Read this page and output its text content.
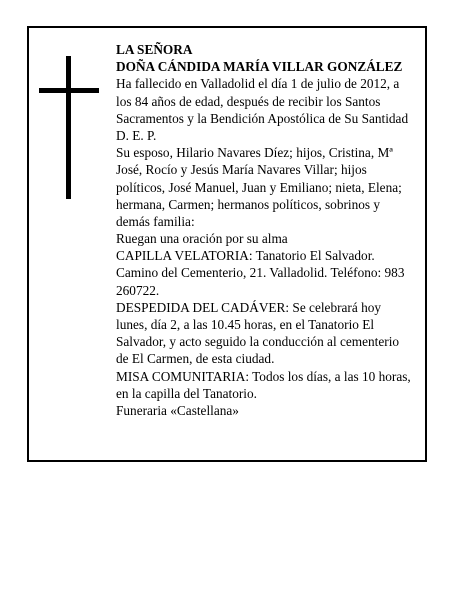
LA SEÑORA
DOÑA CÁNDIDA MARÍA VILLAR GONZÁLEZ
Ha fallecido en Valladolid el día 1 de julio de 2012, a
los 84 años de edad, después de recibir los Santos
Sacramentos y la Bendición Apostólica de Su Santidad
D. E. P.
Su esposo, Hilario Navares Díez; hijos, Cristina, Mª
José, Rocío y Jesús María Navares Villar; hijos
políticos, José Manuel, Juan y Emiliano; nieta, Elena;
hermana, Carmen; hermanos políticos, sobrinos y
demás familia:
Ruegan una oración por su alma
CAPILLA VELATORIA: Tanatorio El Salvador.
Camino del Cementerio, 21. Valladolid. Teléfono: 983
260722.
DESPEDIDA DEL CADÁVER: Se celebrará hoy
lunes, día 2, a las 10.45 horas, en el Tanatorio El
Salvador, y acto seguido la conducción al cementerio
de El Carmen, de esta ciudad.
MISA COMUNITARIA: Todos los días, a las 10 horas,
en la capilla del Tanatorio.
Funeraria «Castellana»
